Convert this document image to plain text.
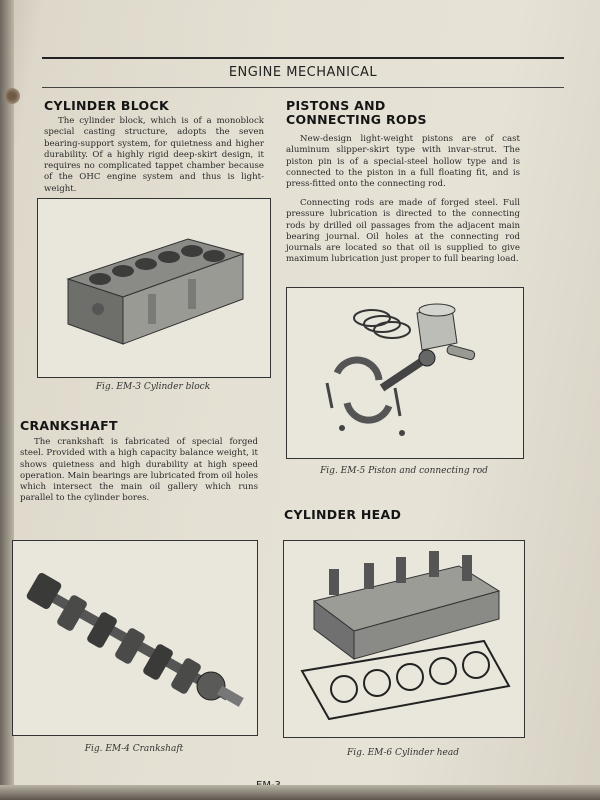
ENGINE MECHANICAL
CYLINDER BLOCK

The cylinder block, which is of a monoblock special casting structure, adopts the seven bearing-support system, for quietness and higher durability. Of a highly rigid deep-skirt design, it requires no complicated tappet chamber because of the OHC engine system and thus is light-weight.

Fig. EM-3 Cylinder block
CRANKSHAFT

The crankshaft is fabricated of special forged steel. Provided with a high capacity balance weight, it shows quietness and high durability at high speed operation. Main bearings are lubricated from oil holes which intersect the main oil gallery which runs parallel to the cylinder bores.

Fig. EM-4 Crankshaft
PISTONS AND
CONNECTING RODS

New-design light-weight pistons are of cast aluminum slipper-skirt type with invar-strut. The piston pin is of a special-steel hollow type and is connected to the piston in a full floating fit, and is press-fitted onto the connecting rod.

Connecting rods are made of forged steel. Full pressure lubrication is directed to the connecting rods by drilled oil passages from the adjacent main bearing journal. Oil holes at the connecting rod journals are located so that oil is supplied to give maximum lubrication just proper to full bearing load.

Fig. EM-5 Piston and connecting rod
CYLINDER HEAD
Fig. EM-6 Cylinder head
